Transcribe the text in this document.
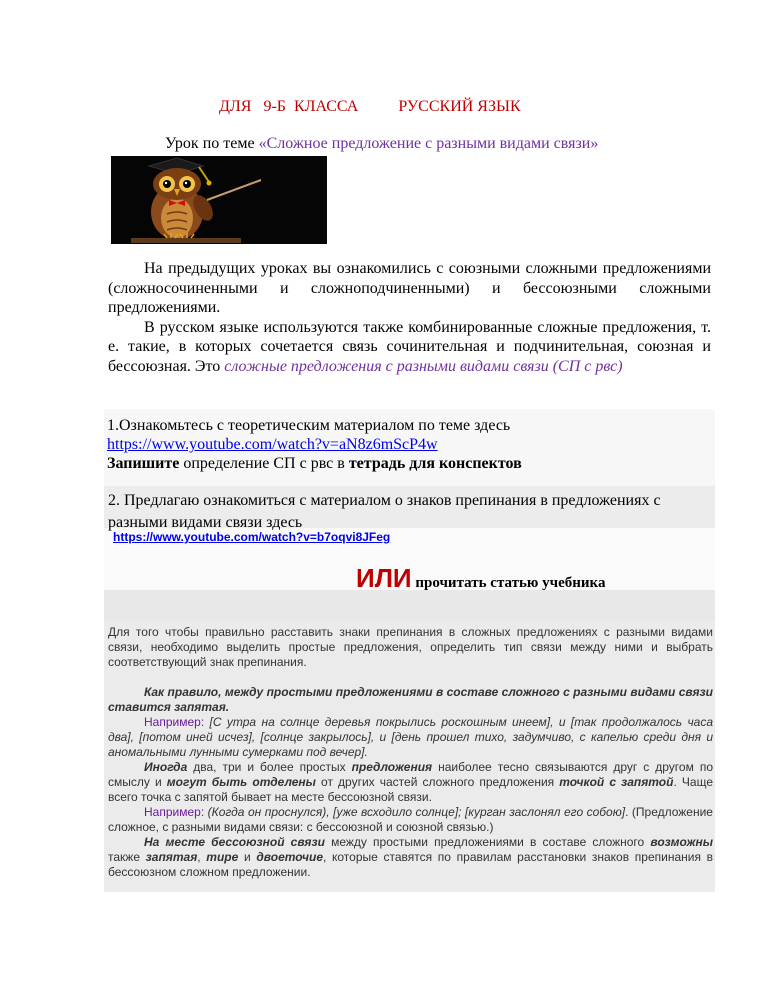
ДЛЯ   9-Б  КЛАССА	РУССКИЙ ЯЗЫК
Урок по теме «Сложное предложение с разными видами связи»

На предыдущих уроках вы ознакомились с союзными сложными предложениями (сложносочиненными и сложноподчиненными) и бессоюзными сложными предложениями.

В русском языке используются также комбинированные сложные предложения, т. е. такие, в которых сочетается связь сочинительная и подчинительная, союзная и бессоюзная. Это сложные предложения с разными видами связи (СП с рвс)

1.Ознакомьтесь с теоретическим материалом по теме здесь
https://www.youtube.com/watch?v=aN8z6mScP4w
Запишите определение СП с рвс в тетрадь для конспектов
2. Предлагаю ознакомиться с материалом о знаков препинания в предложениях с разными видами связи здесь
https://www.youtube.com/watch?v=b7oqvi8JFeg
ИЛИ прочитать статью учебника

Для того чтобы правильно расставить знаки препинания в сложных предложениях с разными видами связи, необходимо выделить простые предложения, определить тип связи между ними и выбрать соответствующий знак препинания.

Как правило, между простыми предложениями в составе сложного с разными видами связи ставится запятая.

Например: [С утра на солнце деревья покрылись роскошным инеем], и [так продолжалось часа два], [потом иней исчез], [солнце закрылось], и [день прошел тихо, задумчиво, с капелью среди дня и аномальными лунными сумерками под вечер].

Иногда два, три и более простых предложения наиболее тесно связываются друг с другом по смыслу и могут быть отделены от других частей сложного предложения точкой с запятой. Чаще всего точка с запятой бывает на месте бессоюзной связи.

Например: (Когда он проснулся), [уже всходило солнце]; [курган заслонял его собою]. (Предложение сложное, с разными видами связи: с бессоюзной и союзной связью.)

На месте бессоюзной связи между простыми предложениями в составе сложного возможны также запятая, тире и двоеточие, которые ставятся по правилам расстановки знаков препинания в бессоюзном сложном предложении.
